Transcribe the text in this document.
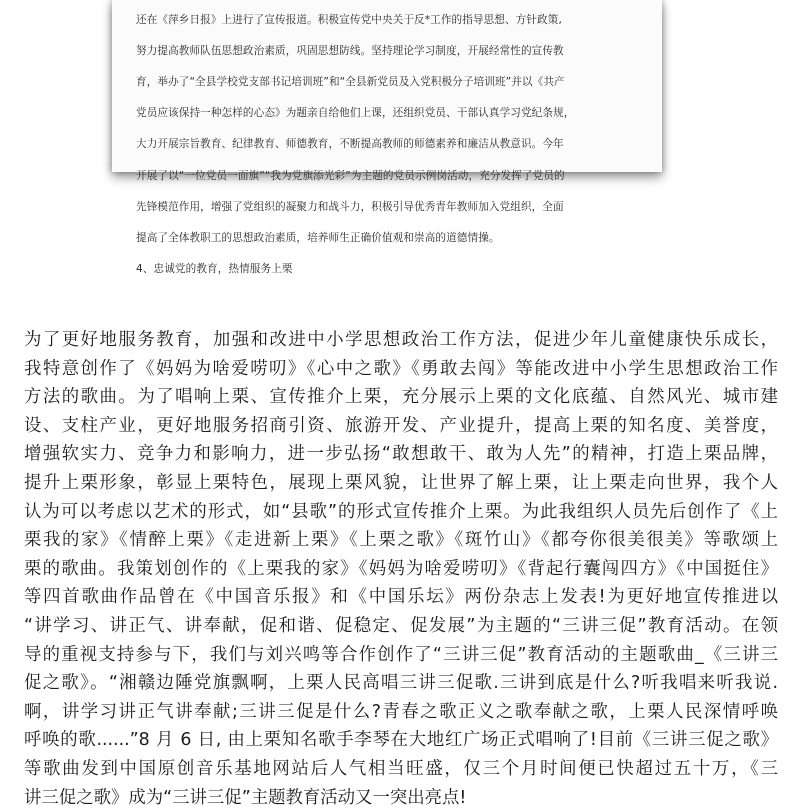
还在《萍乡日报》上进行了宣传报道。积极宣传党中央关于反*工作的指导思想、方针政策,

努力提高教师队伍思想政治素质，巩固思想防线。坚持理论学习制度，开展经常性的宣传教

育，举办了“全县学校党支部书记培训班”和“全县新党员及入党积极分子培训班”并以《共产

党员应该保持一种怎样的心态》为题亲自给他们上课，还组织党员、干部认真学习党纪条规，

大力开展宗旨教育、纪律教育、师德教育，不断提高教师的师德素养和廉洁从教意识。今年

开展了以“一位党员一面旗”“我为党旗添光彩”为主题的党员示例岗活动，充分发挥了党员的

先锋模范作用，增强了党组织的凝聚力和战斗力，积极引导优秀青年教师加入党组织，全面

提高了全体教职工的思想政治素质，培养师生正确价值观和崇高的道德情操。

4、忠诚党的教育，热情服务上栗

为了更好地服务教育，加强和改进中小学思想政治工作方法，促进少年儿童健康快乐成长，
我特意创作了《妈妈为啥爱唠叨》《心中之歌》《勇敢去闯》等能改进中小学生思想政治工作
方法的歌曲。为了唱响上栗、宣传推介上栗，充分展示上栗的文化底蕴、自然风光、城市建
设、支柱产业，更好地服务招商引资、旅游开发、产业提升，提高上栗的知名度、美誉度，
增强软实力、竞争力和影响力，进一步弘扬“敢想敢干、敢为人先”的精神，打造上栗品牌，
提升上栗形象，彰显上栗特色，展现上栗风貌，让世界了解上栗，让上栗走向世界，我个人
认为可以考虑以艺术的形式，如“县歌”的形式宣传推介上栗。为此我组织人员先后创作了《上
栗我的家》《情醉上栗》《走进新上栗》《上栗之歌》《斑竹山》《都夸你很美很美》等歌颂上
栗的歌曲。我策划创作的《上栗我的家》《妈妈为啥爱唠叨》《背起行囊闯四方》《中国挺住》
等四首歌曲作品曾在《中国音乐报》和《中国乐坛》两份杂志上发表!为更好地宣传推进以
“讲学习、讲正气、讲奉献，促和谐、促稳定、促发展”为主题的“三讲三促”教育活动。在领
导的重视支持参与下，我们与刘兴鸣等合作创作了“三讲三促”教育活动的主题歌曲_《三讲三
促之歌》。“湘赣边陲党旗飘啊，上栗人民高唱三讲三促歌.三讲到底是什么?听我唱来听我说.
啊，讲学习讲正气讲奉献;三讲三促是什么?青春之歌正义之歌奉献之歌，上栗人民深情呼唤
呼唤的歌......”8 月 6 日, 由上栗知名歌手李琴在大地红广场正式唱响了!目前《三讲三促之歌》
等歌曲发到中国原创音乐基地网站后人气相当旺盛，仅三个月时间便已快超过五十万，《三
讲三促之歌》成为“三讲三促”主题教育活动又一突出亮点!
